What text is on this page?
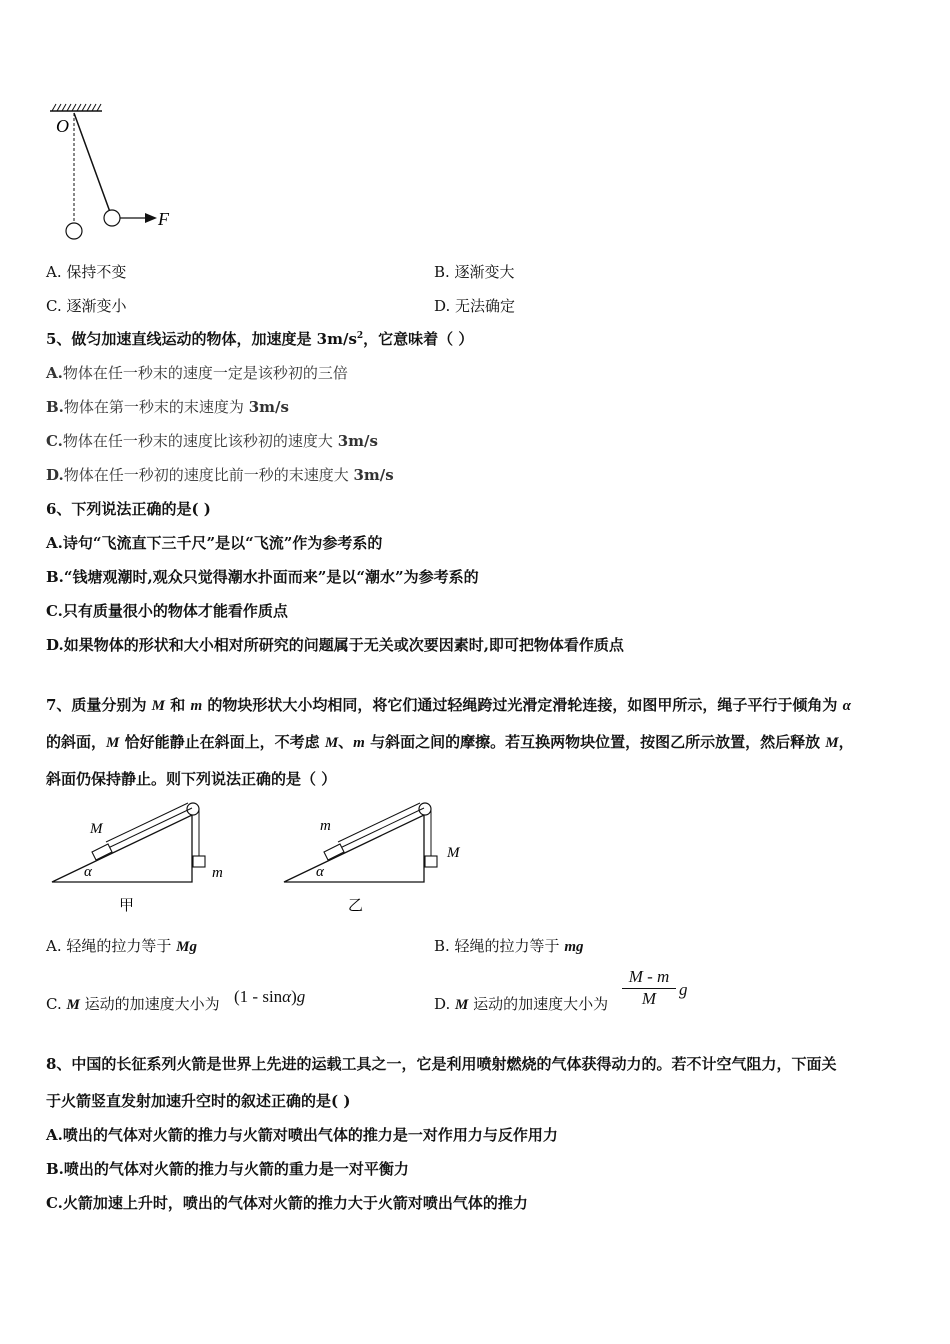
O
F
A. 保持不变	B. 逐渐变大
C. 逐渐变小	D. 无法确定
5、做匀加速直线运动的物体，加速度是 $3m/s^2$，它意味着（ ）
A.物体在任一秒末的速度一定是该秒初的三倍
B.物体在第一秒末的末速度为 3m/s
C.物体在任一秒末的速度比该秒初的速度大 3m/s
D.物体在任一秒初的速度比前一秒的末速度大 3m/s
6、下列说法正确的是( )
A.诗句“飞流直下三千尺”是以“飞流”作为参考系的
B.“钱塘观潮时,观众只觉得潮水扑面而来”是以“潮水”为参考系的
C.只有质量很小的物体才能看作质点
D.如果物体的形状和大小相对所研究的问题属于无关或次要因素时,即可把物体看作质点
7、质量分别为 M 和 m 的物块形状大小均相同，将它们通过轻绳跨过光滑定滑轮连接，如图甲所示，绳子平行于倾角为 α
的斜面，M 恰好能静止在斜面上，不考虑 M、m 与斜面之间的摩擦。若互换两物块位置，按图乙所示放置，然后释放 M，
斜面仍保持静止。则下列说法正确的是（ ）
M
m
α
甲
m
M
α
乙
A. 轻绳的拉力等于 Mg	B. 轻绳的拉力等于 mg
C. M 运动的加速度大小为 (1 - sinα)g	D. M 运动的加速度大小为
M - m
M	g
8、中国的长征系列火箭是世界上先进的运载工具之一，它是利用喷射燃烧的气体获得动力的。若不计空气阻力，下面关
于火箭竖直发射加速升空时的叙述正确的是( )
A.喷出的气体对火箭的推力与火箭对喷出气体的推力是一对作用力与反作用力
B.喷出的气体对火箭的推力与火箭的重力是一对平衡力
C.火箭加速上升时，喷出的气体对火箭的推力大于火箭对喷出气体的推力
